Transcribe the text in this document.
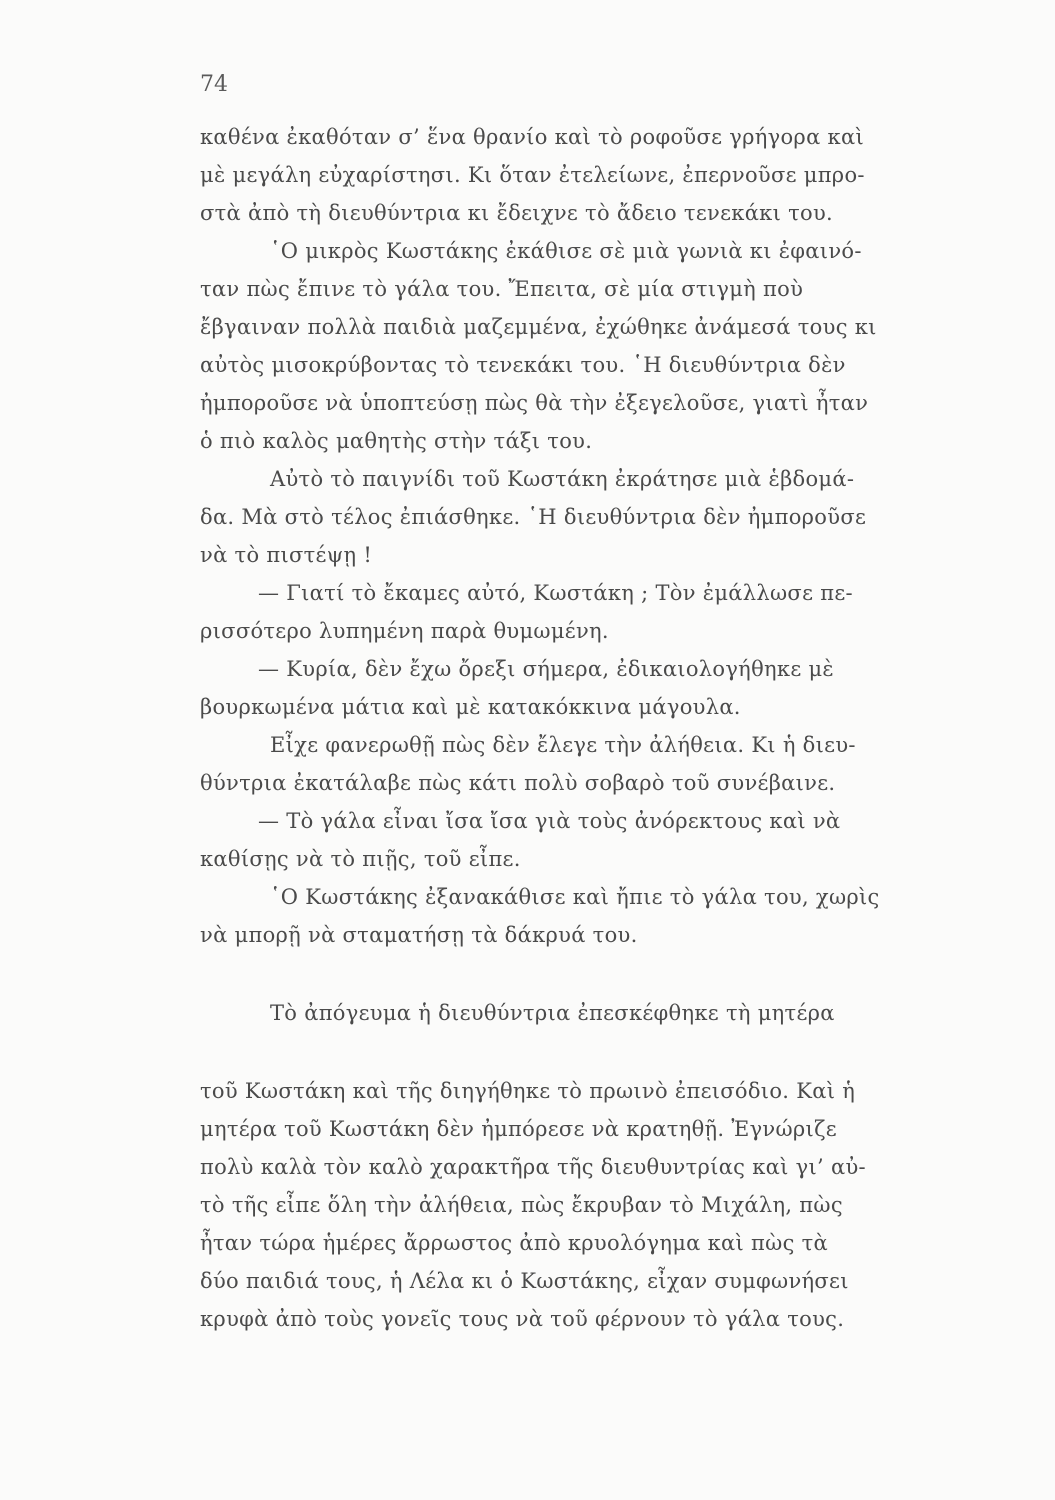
74
καθένα ἐκαθόταν σ’ ἕνα θρανίο καὶ τὸ ροφοῦσε γρήγορα καὶ
μὲ μεγάλη εὐχαρίστησι. Κι ὅταν ἐτελείωνε, ἐπερνοῦσε μπρο-
στὰ ἀπὸ τὴ διευθύντρια κι ἔδειχνε τὸ ἄδειο τενεκάκι του.
῾Ο μικρὸς Κωστάκης ἐκάθισε σὲ μιὰ γωνιὰ κι ἐφαινό-
ταν πὼς ἔπινε τὸ γάλα του. Ἔπειτα, σὲ μία στιγμὴ ποὺ
ἔβγαιναν πολλὰ παιδιὰ μαζεμμένα, ἐχώθηκε ἀνάμεσά τους κι
αὐτὸς μισοκρύβοντας τὸ τενεκάκι του. ῾Η διευθύντρια δὲν
ἠμποροῦσε νὰ ὑποπτεύσῃ πὼς θὰ τὴν ἐξεγελοῦσε, γιατὶ ἦταν
ὁ πιὸ καλὸς μαθητὴς στὴν τάξι του.
Αὐτὸ τὸ παιγνίδι τοῦ Κωστάκη ἐκράτησε μιὰ ἑβδομά-
δα. Μὰ στὸ τέλος ἐπιάσθηκε. ῾Η διευθύντρια δὲν ἠμποροῦσε
νὰ τὸ πιστέψῃ !
— Γιατί τὸ ἔκαμες αὐτό, Κωστάκη ; Τὸν ἐμάλλωσε πε-
ρισσότερο λυπημένη παρὰ θυμωμένη.
— Κυρία, δὲν ἔχω ὄρεξι σήμερα, ἐδικαιολογήθηκε μὲ
βουρκωμένα μάτια καὶ μὲ κατακόκκινα μάγουλα.
Εἶχε φανερωθῇ πὼς δὲν ἔλεγε τὴν ἀλήθεια. Κι ἡ διευ-
θύντρια ἐκατάλαβε πὼς κάτι πολὺ σοβαρὸ τοῦ συνέβαινε.
— Τὸ γάλα εἶναι ἴσα ἴσα γιὰ τοὺς ἀνόρεκτους καὶ νὰ
καθίσῃς νὰ τὸ πιῇς, τοῦ εἶπε.
῾Ο Κωστάκης ἐξανακάθισε καὶ ἤπιε τὸ γάλα του, χωρὶς
νὰ μπορῇ νὰ σταματήσῃ τὰ δάκρυά του.
Τὸ ἀπόγευμα ἡ διευθύντρια ἐπεσκέφθηκε τὴ μητέρα
τοῦ Κωστάκη καὶ τῆς διηγήθηκε τὸ πρωινὸ ἐπεισόδιο. Καὶ ἡ
μητέρα τοῦ Κωστάκη δὲν ἠμπόρεσε νὰ κρατηθῇ. Ἐγνώριζε
πολὺ καλὰ τὸν καλὸ χαρακτῆρα τῆς διευθυντρίας καὶ γι’ αὐ-
τὸ τῆς εἶπε ὅλη τὴν ἀλήθεια, πὼς ἔκρυβαν τὸ Μιχάλη, πὼς
ἦταν τώρα ἡμέρες ἄρρωστος ἀπὸ κρυολόγημα καὶ πὼς τὰ
δύο παιδιά τους, ἡ Λέλα κι ὁ Κωστάκης, εἶχαν συμφωνήσει
κρυφὰ ἀπὸ τοὺς γονεῖς τους νὰ τοῦ φέρνουν τὸ γάλα τους.
